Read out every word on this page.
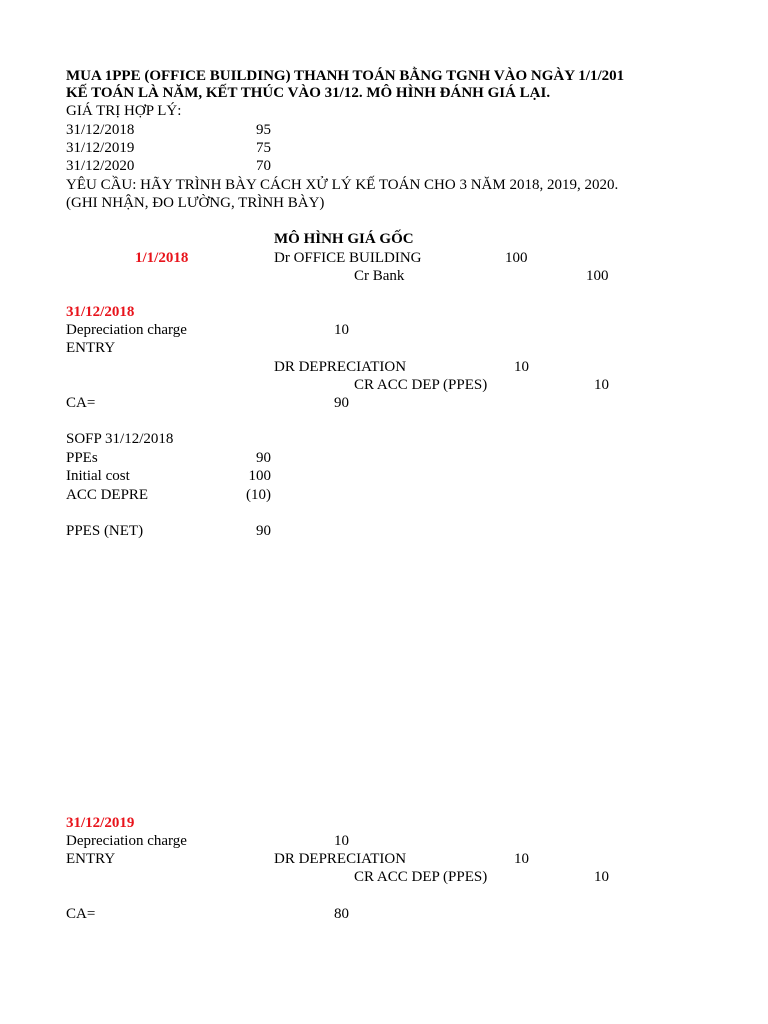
MUA 1PPE (OFFICE BUILDING) THANH TOÁN BẰNG TGNH VÀO NGÀY 1/1/201
KẾ TOÁN LÀ NĂM, KẾT THÚC VÀO 31/12. MÔ HÌNH ĐÁNH GIÁ LẠI.
GIÁ TRỊ HỢP LÝ:
31/12/2018	95
31/12/2019	75
31/12/2020	70
YÊU CẦU: HÃY TRÌNH BÀY CÁCH XỬ LÝ KẾ TOÁN CHO 3 NĂM 2018, 2019, 2020.
(GHI NHẬN, ĐO LƯỜNG, TRÌNH BÀY)
MÔ HÌNH GIÁ GỐC
1/1/2018	Dr OFFICE BUILDING	100
Cr Bank	100
31/12/2018
Depreciation charge	10
ENTRY
DR DEPRECIATION	10
CR ACC DEP (PPES)	10
CA=	90
SOFP 31/12/2018
PPEs	90
Initial cost	100
ACC DEPRE	(10)
PPES (NET)	90
31/12/2019
Depreciation charge	10
ENTRY	DR DEPRECIATION	10
CR ACC DEP (PPES)	10
CA=	80
